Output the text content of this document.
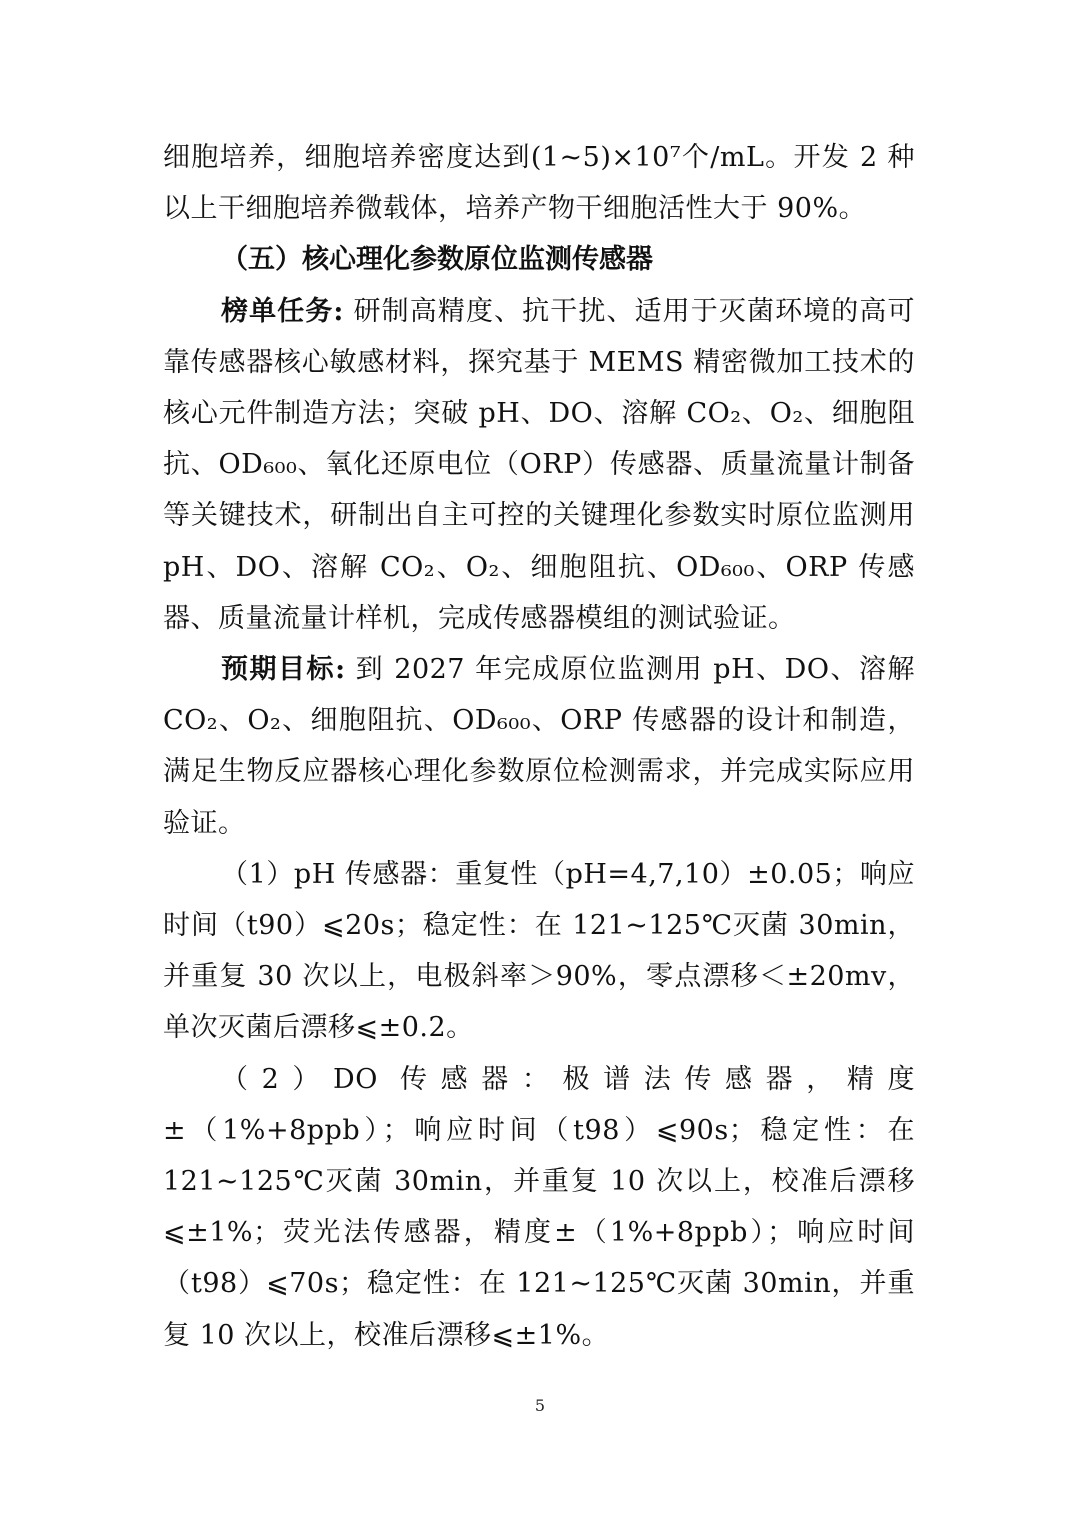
细胞培养，细胞培养密度达到(1~5)×10⁷个/mL。开发 2 种以上干细胞培养微载体，培养产物干细胞活性大于 90%。

（五）核心理化参数原位监测传感器

榜单任务: 研制高精度、抗干扰、适用于灭菌环境的高可靠传感器核心敏感材料，探究基于 MEMS 精密微加工技术的核心元件制造方法；突破 pH、DO、溶解 CO₂、O₂、细胞阻抗、OD₆₀₀、氧化还原电位（ORP）传感器、质量流量计制备等关键技术，研制出自主可控的关键理化参数实时原位监测用 pH、DO、溶解 CO₂、O₂、细胞阻抗、OD₆₀₀、ORP 传感器、质量流量计样机，完成传感器模组的测试验证。

预期目标: 到 2027 年完成原位监测用 pH、DO、溶解 CO₂、O₂、细胞阻抗、OD₆₀₀、ORP 传感器的设计和制造，满足生物反应器核心理化参数原位检测需求，并完成实际应用验证。

（1）pH 传感器：重复性（pH=4,7,10）±0.05；响应时间（t90）⩽20s；稳定性：在 121~125℃灭菌 30min，并重复 30 次以上，电极斜率＞90%，零点漂移＜±20mv，单次灭菌后漂移⩽±0.2。

（2）DO 传感器：极谱法传感器，精度±（1%+8ppb）；响应时间（t98）⩽90s；稳定性：在 121~125℃灭菌 30min，并重复 10 次以上，校准后漂移⩽±1%；荧光法传感器，精度±（1%+8ppb）；响应时间（t98）⩽70s；稳定性：在 121~125℃灭菌 30min，并重复 10 次以上，校准后漂移⩽±1%。

5
